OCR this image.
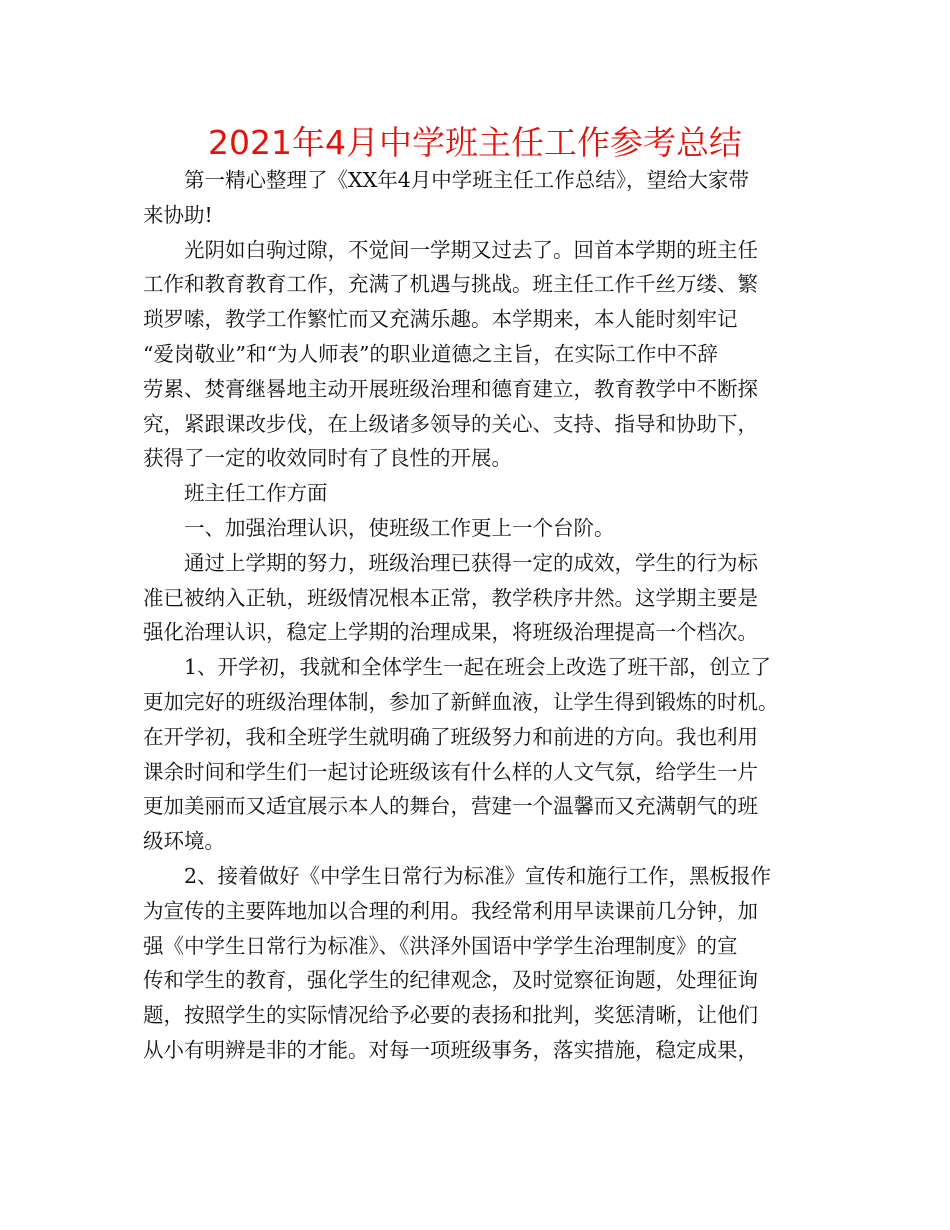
2021年4月中学班主任工作参考总结
第一精心整理了《XX年4月中学班主任工作总结》，望给大家带
来协助!
光阴如白驹过隙，不觉间一学期又过去了。回首本学期的班主任
工作和教育教育工作，充满了机遇与挑战。班主任工作千丝万缕、繁
琐罗嗦，教学工作繁忙而又充满乐趣。本学期来，本人能时刻牢记
“爱岗敬业”和“为人师表”的职业道德之主旨，在实际工作中不辞
劳累、焚膏继晷地主动开展班级治理和德育建立，教育教学中不断探
究，紧跟课改步伐，在上级诸多领导的关心、支持、指导和协助下，
获得了一定的收效同时有了良性的开展。
班主任工作方面
一、加强治理认识，使班级工作更上一个台阶。
通过上学期的努力，班级治理已获得一定的成效，学生的行为标
准已被纳入正轨，班级情况根本正常，教学秩序井然。这学期主要是
强化治理认识，稳定上学期的治理成果，将班级治理提高一个档次。
1、开学初，我就和全体学生一起在班会上改选了班干部，创立了
更加完好的班级治理体制，参加了新鲜血液，让学生得到锻炼的时机。
在开学初，我和全班学生就明确了班级努力和前进的方向。我也利用
课余时间和学生们一起讨论班级该有什么样的人文气氛，给学生一片
更加美丽而又适宜展示本人的舞台，营建一个温馨而又充满朝气的班
级环境。
2、接着做好《中学生日常行为标准》宣传和施行工作，黑板报作
为宣传的主要阵地加以合理的利用。我经常利用早读课前几分钟，加
强《中学生日常行为标准》、《洪泽外国语中学学生治理制度》的宣
传和学生的教育，强化学生的纪律观念，及时觉察征询题，处理征询
题，按照学生的实际情况给予必要的表扬和批判，奖惩清晰，让他们
从小有明辨是非的才能。对每一项班级事务，落实措施，稳定成果，
